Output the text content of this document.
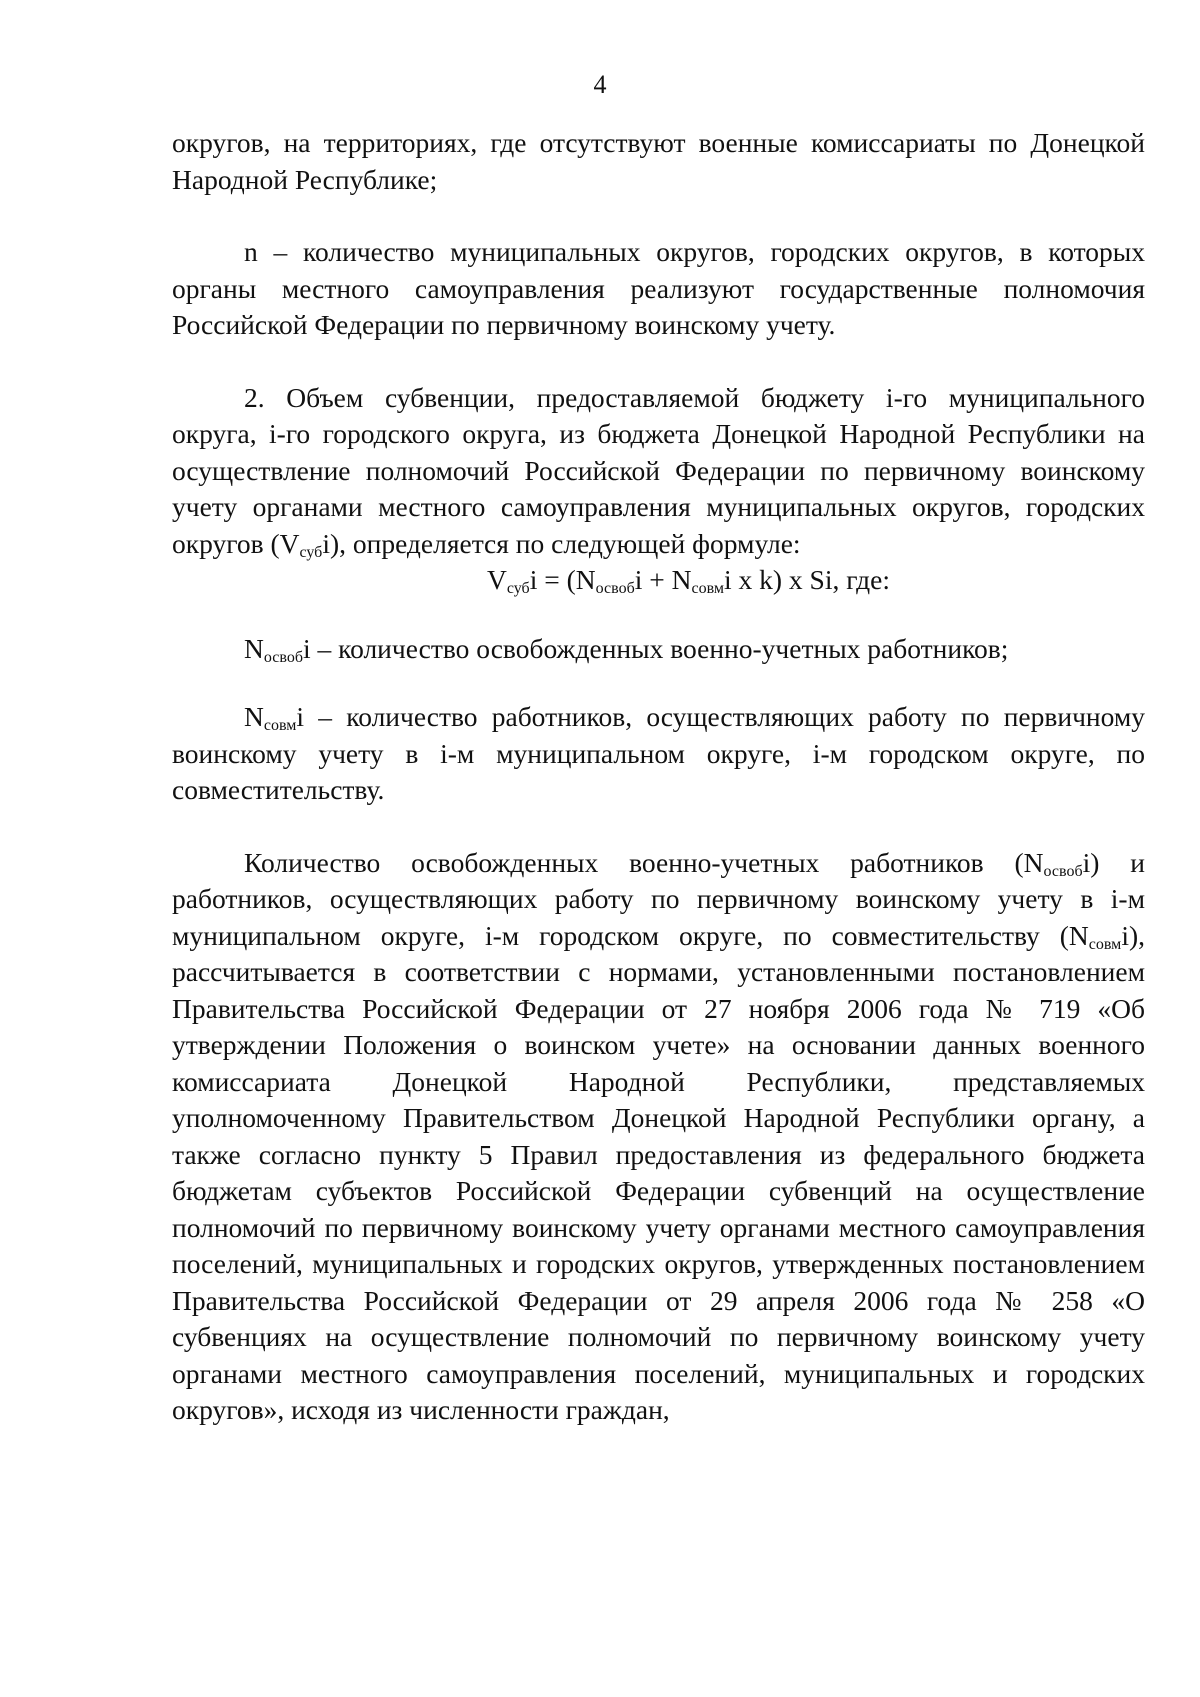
4

округов, на территориях, где отсутствуют военные комиссариаты по Донецкой Народной Республике;

n – количество муниципальных округов, городских округов, в которых органы местного самоуправления реализуют государственные полномочия Российской Федерации по первичному воинскому учету.

2. Объем субвенции, предоставляемой бюджету i-го муниципального округа, i-го городского округа, из бюджета Донецкой Народной Республики на осуществление полномочий Российской Федерации по первичному воинскому учету органами местного самоуправления муниципальных округов, городских округов $(V_{суб}i)$, определяется по следующей формуле:

$V_{суб}i = (N_{освоб}i + N_{совм}i$ x k) x Si, где:

$N_{освоб}i$ – количество освобожденных военно-учетных работников;

$N_{совм}i$ – количество работников, осуществляющих работу по первичному воинскому учету в i-м муниципальном округе, i-м городском округе, по совместительству.

Количество освобожденных военно-учетных работников $(N_{освоб}i)$ и работников, осуществляющих работу по первичному воинскому учету в i-м муниципальном округе, i-м городском округе, по совместительству $(N_{совм}i)$, рассчитывается в соответствии с нормами, установленными постановлением Правительства Российской Федерации от 27 ноября 2006 года № 719 «Об утверждении Положения о воинском учете» на основании данных военного комиссариата Донецкой Народной Республики, представляемых уполномоченному Правительством Донецкой Народной Республики органу, а также согласно пункту 5 Правил предоставления из федерального бюджета бюджетам субъектов Российской Федерации субвенций на осуществление полномочий по первичному воинскому учету органами местного самоуправления поселений, муниципальных и городских округов, утвержденных постановлением Правительства Российской Федерации от 29 апреля 2006 года № 258 «О субвенциях на осуществление полномочий по первичному воинскому учету органами местного самоуправления поселений, муниципальных и городских округов», исходя из численности граждан,
